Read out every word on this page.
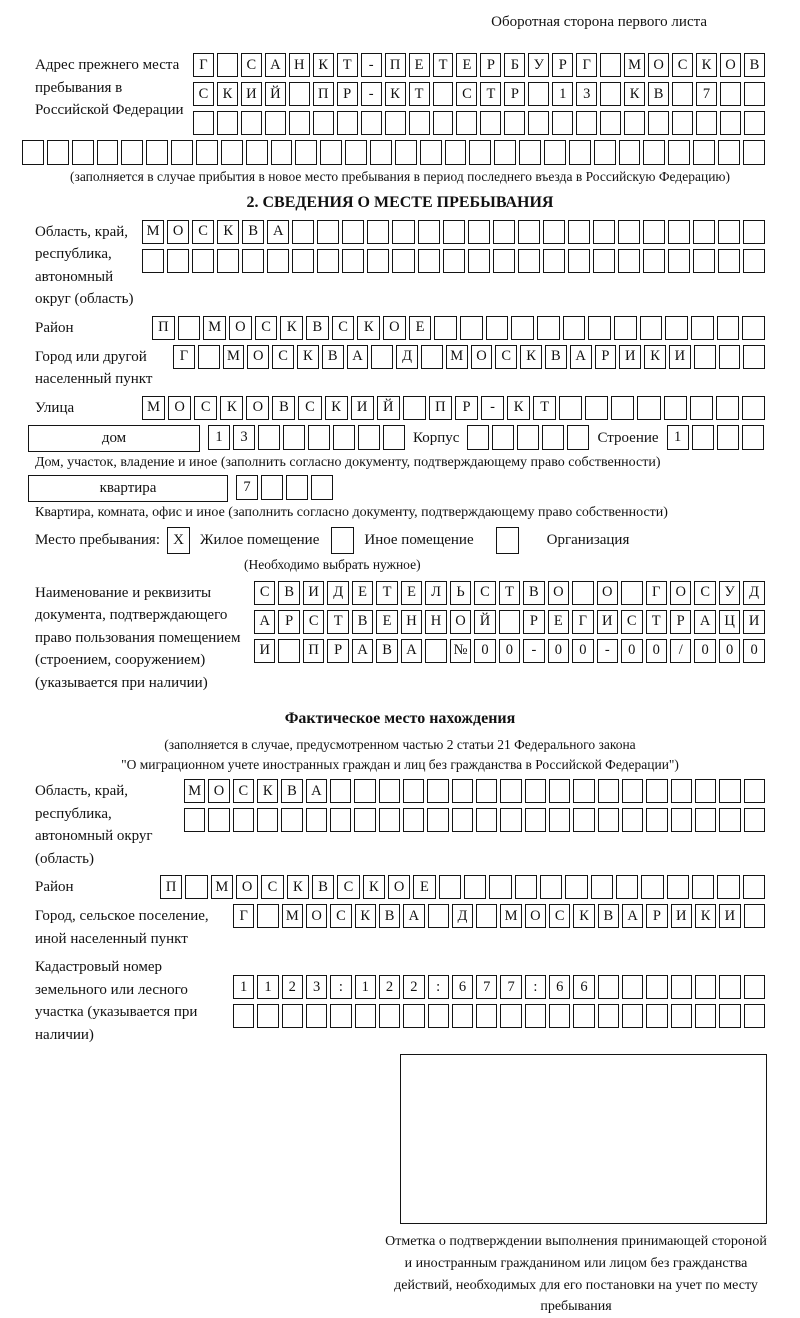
Оборотная сторона первого листа
Адрес прежнего места пребывания в Российской Федерации
Г	С А Н К	Т	-	П Е	Т	Е	Р	Б	У	Р	Г	М О С К О В
С К И Й	П	Р	-	К	Т	С	Т	Р	1	3	К В	7
(заполняется в случае прибытия в новое место пребывания в период последнего въезда в Российскую Федерацию)
2. СВЕДЕНИЯ О МЕСТЕ ПРЕБЫВАНИЯ
Область, край, республика, автономный округ (область)
М О	С	К	В	А
Район	П	М О	С	К	В	С	К	О	Е
Город или другой населенный пункт
Г	М О	С	К	В	А	Д	М О	С	К	В	А	Р	И	К	И
Улица	М О	С	К	О	В	С	К	И	Й	П	Р	-	К	Т
дом	1	3	Корпус	Строение	1
Дом, участок, владение и иное (заполнить согласно документу, подтверждающему право собственности)
квартира	7
Квартира, комната, офис и иное (заполнить согласно документу, подтверждающему право собственности)
Место пребывания: X	Жилое помещение	Иное помещение	Организация
(Необходимо выбрать нужное)
Наименование и реквизиты документа, подтверждающего право пользования помещением (строением, сооружением) (указывается при наличии)
С	В И Д	Е	Т	Е	Л	Ь	С	Т	В О	О	Г	О С	У Д
А	Р	С	Т	В	Е	Н Н О Й	Р	Е	Г	И С	Т	Р	А Ц И
И	П	Р	А В А	№ 0	0	-	0	0	-	0	0	/	0	0	0
Фактическое место нахождения
(заполняется в случае, предусмотренном частью 2 статьи 21 Федерального закона
"О миграционном учете иностранных граждан и лиц без гражданства в Российской Федерации")
Область, край, республика, автономный округ (область)
М О С	К	В А
Район	П	М О	С	К	В	С	К	О	Е
Город, сельское поселение, иной населенный пункт
Г	М О С	К	В А	Д	М О С	К	В А	Р	И К И
Кадастровый номер земельного или лесного участка (указывается при наличии)
1	1	2	3	:	1	2	2	:	6	7	7	:	6	6
Отметка о подтверждении выполнения принимающей стороной и иностранным гражданином или лицом без гражданства действий, необходимых для его постановки на учет по месту пребывания
